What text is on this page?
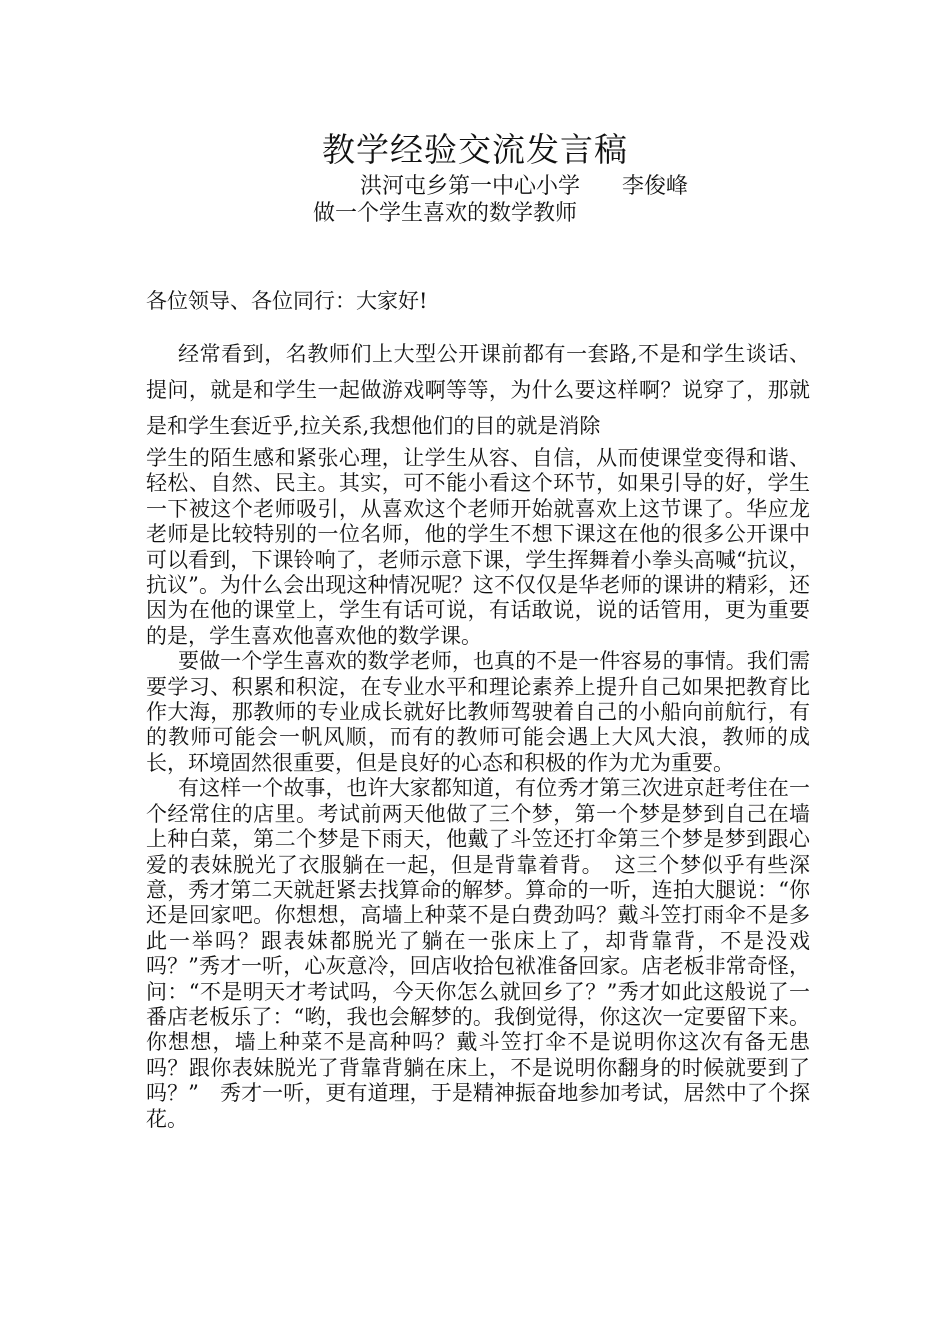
教学经验交流发言稿
洪河屯乡第一中心小学 李俊峰
做一个学生喜欢的数学教师
各位领导、各位同行：大家好!

经常看到，名教师们上大型公开课前都有一套路,不是和学生谈话、提问，就是和学生一起做游戏啊等等，为什么要这样啊？说穿了，那就是和学生套近乎,拉关系,我想他们的目的就是消除

学生的陌生感和紧张心理，让学生从容、自信，从而使课堂变得和谐、轻松、自然、民主。其实，可不能小看这个环节，如果引导的好，学生一下被这个老师吸引，从喜欢这个老师开始就喜欢上这节课了。华应龙老师是比较特别的一位名师，他的学生不想下课这在他的很多公开课中可以看到，下课铃响了，老师示意下课，学生挥舞着小拳头高喊“抗议，抗议”。为什么会出现这种情况呢？这不仅仅是华老师的课讲的精彩，还因为在他的课堂上，学生有话可说，有话敢说，说的话管用，更为重要的是，学生喜欢他喜欢他的数学课。

要做一个学生喜欢的数学老师，也真的不是一件容易的事情。我们需要学习、积累和积淀，在专业水平和理论素养上提升自己如果把教育比作大海，那教师的专业成长就好比教师驾驶着自己的小船向前航行，有的教师可能会一帆风顺，而有的教师可能会遇上大风大浪，教师的成长，环境固然很重要，但是良好的心态和积极的作为尤为重要。

有这样一个故事，也许大家都知道，有位秀才第三次进京赶考住在一个经常住的店里。考试前两天他做了三个梦，第一个梦是梦到自己在墙上种白菜，第二个梦是下雨天，他戴了斗笠还打伞第三个梦是梦到跟心爱的表妹脱光了衣服躺在一起，但是背靠着背。　这三个梦似乎有些深意，秀才第二天就赶紧去找算命的解梦。算命的一听，连拍大腿说：“你还是回家吧。你想想，高墙上种菜不是白费劲吗？戴斗笠打雨伞不是多此一举吗？跟表妹都脱光了躺在一张床上了，却背靠背，不是没戏吗？”秀才一听，心灰意冷，回店收拾包袱准备回家。店老板非常奇怪，问：“不是明天才考试吗，今天你怎么就回乡了？”秀才如此这般说了一番店老板乐了：“哟，我也会解梦的。我倒觉得，你这次一定要留下来。你想想，墙上种菜不是高种吗？戴斗笠打伞不是说明你这次有备无患吗？跟你表妹脱光了背靠背躺在床上，不是说明你翻身的时候就要到了吗？”　秀才一听，更有道理，于是精神振奋地参加考试，居然中了个探花。
